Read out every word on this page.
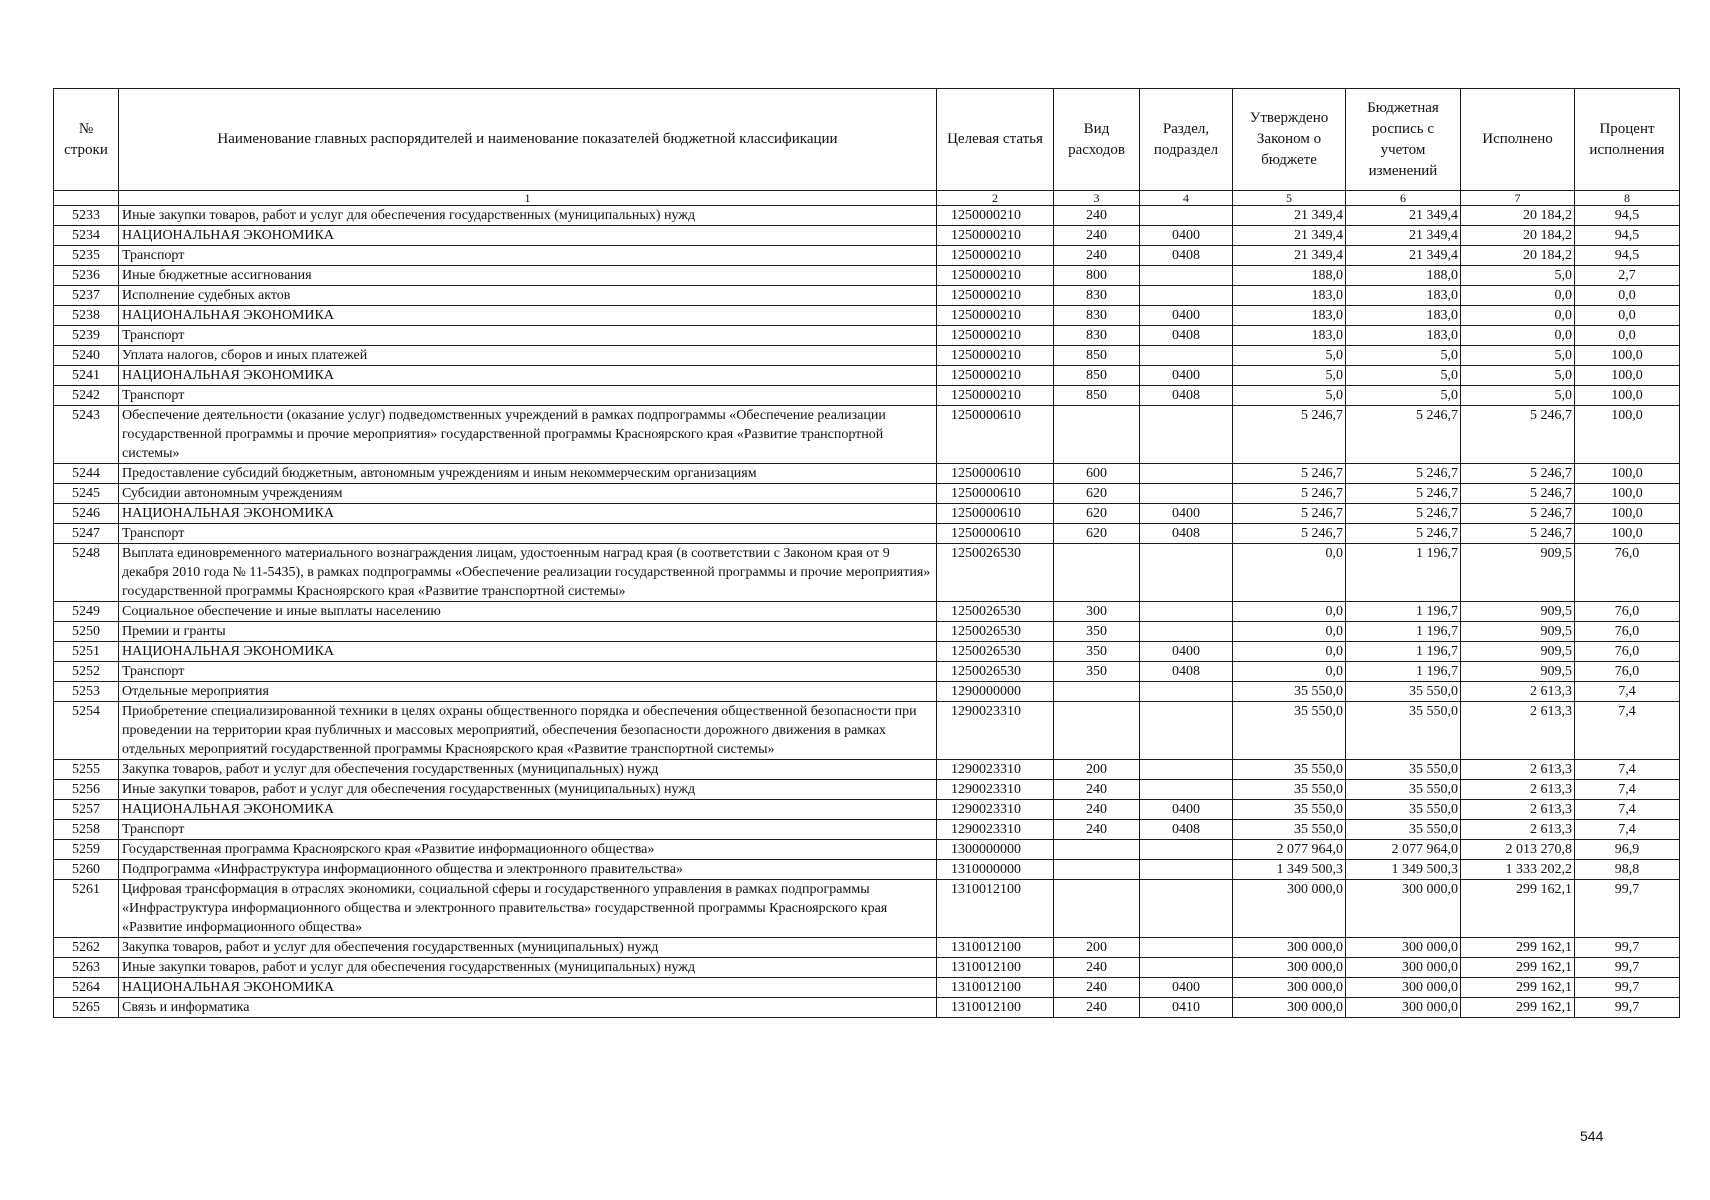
№ строки	Наименование главных распорядителей и наименование показателей бюджетной классификации	Целевая статья	Вид расходов	Раздел, подраздел	Утверждено Законом о бюджете	Бюджетная роспись с учетом изменений	Исполнено	Процент исполнения
	1	2	3	4	5	6	7	8
5233	Иные закупки товаров, работ и услуг для обеспечения государственных (муниципальных) нужд	1250000210	240		21 349,4	21 349,4	20 184,2	94,5
5234	НАЦИОНАЛЬНАЯ ЭКОНОМИКА	1250000210	240	0400	21 349,4	21 349,4	20 184,2	94,5
5235	Транспорт	1250000210	240	0408	21 349,4	21 349,4	20 184,2	94,5
5236	Иные бюджетные ассигнования	1250000210	800		188,0	188,0	5,0	2,7
5237	Исполнение судебных актов	1250000210	830		183,0	183,0	0,0	0,0
5238	НАЦИОНАЛЬНАЯ ЭКОНОМИКА	1250000210	830	0400	183,0	183,0	0,0	0,0
5239	Транспорт	1250000210	830	0408	183,0	183,0	0,0	0,0
5240	Уплата налогов, сборов и иных платежей	1250000210	850		5,0	5,0	5,0	100,0
5241	НАЦИОНАЛЬНАЯ ЭКОНОМИКА	1250000210	850	0400	5,0	5,0	5,0	100,0
5242	Транспорт	1250000210	850	0408	5,0	5,0	5,0	100,0
5243	Обеспечение деятельности (оказание услуг) подведомственных учреждений в рамках подпрограммы «Обеспечение реализации государственной программы и прочие мероприятия» государственной программы Красноярского края «Развитие транспортной системы»	1250000610			5 246,7	5 246,7	5 246,7	100,0
5244	Предоставление субсидий бюджетным, автономным учреждениям и иным некоммерческим организациям	1250000610	600		5 246,7	5 246,7	5 246,7	100,0
5245	Субсидии автономным учреждениям	1250000610	620		5 246,7	5 246,7	5 246,7	100,0
5246	НАЦИОНАЛЬНАЯ ЭКОНОМИКА	1250000610	620	0400	5 246,7	5 246,7	5 246,7	100,0
5247	Транспорт	1250000610	620	0408	5 246,7	5 246,7	5 246,7	100,0
5248	Выплата единовременного материального вознаграждения лицам, удостоенным наград края (в соответствии с Законом края от 9 декабря 2010 года № 11-5435), в рамках подпрограммы «Обеспечение реализации государственной программы и прочие мероприятия» государственной программы Красноярского края «Развитие транспортной системы»	1250026530			0,0	1 196,7	909,5	76,0
5249	Социальное обеспечение и иные выплаты населению	1250026530	300		0,0	1 196,7	909,5	76,0
5250	Премии и гранты	1250026530	350		0,0	1 196,7	909,5	76,0
5251	НАЦИОНАЛЬНАЯ ЭКОНОМИКА	1250026530	350	0400	0,0	1 196,7	909,5	76,0
5252	Транспорт	1250026530	350	0408	0,0	1 196,7	909,5	76,0
5253	Отдельные мероприятия	1290000000			35 550,0	35 550,0	2 613,3	7,4
5254	Приобретение специализированной техники в целях охраны общественного порядка и обеспечения общественной безопасности при проведении на территории края публичных и массовых мероприятий, обеспечения безопасности дорожного движения в рамках отдельных мероприятий государственной программы Красноярского края «Развитие транспортной системы»	1290023310			35 550,0	35 550,0	2 613,3	7,4
5255	Закупка товаров, работ и услуг для обеспечения государственных (муниципальных) нужд	1290023310	200		35 550,0	35 550,0	2 613,3	7,4
5256	Иные закупки товаров, работ и услуг для обеспечения государственных (муниципальных) нужд	1290023310	240		35 550,0	35 550,0	2 613,3	7,4
5257	НАЦИОНАЛЬНАЯ ЭКОНОМИКА	1290023310	240	0400	35 550,0	35 550,0	2 613,3	7,4
5258	Транспорт	1290023310	240	0408	35 550,0	35 550,0	2 613,3	7,4
5259	Государственная программа Красноярского края «Развитие информационного общества»	1300000000			2 077 964,0	2 077 964,0	2 013 270,8	96,9
5260	Подпрограмма «Инфраструктура информационного общества и электронного правительства»	1310000000			1 349 500,3	1 349 500,3	1 333 202,2	98,8
5261	Цифровая трансформация в отраслях экономики, социальной сферы и государственного управления в рамках подпрограммы «Инфраструктура информационного общества и электронного правительства» государственной программы Красноярского края «Развитие информационного общества»	1310012100			300 000,0	300 000,0	299 162,1	99,7
5262	Закупка товаров, работ и услуг для обеспечения государственных (муниципальных) нужд	1310012100	200		300 000,0	300 000,0	299 162,1	99,7
5263	Иные закупки товаров, работ и услуг для обеспечения государственных (муниципальных) нужд	1310012100	240		300 000,0	300 000,0	299 162,1	99,7
5264	НАЦИОНАЛЬНАЯ ЭКОНОМИКА	1310012100	240	0400	300 000,0	300 000,0	299 162,1	99,7
5265	Связь и информатика	1310012100	240	0410	300 000,0	300 000,0	299 162,1	99,7
544
